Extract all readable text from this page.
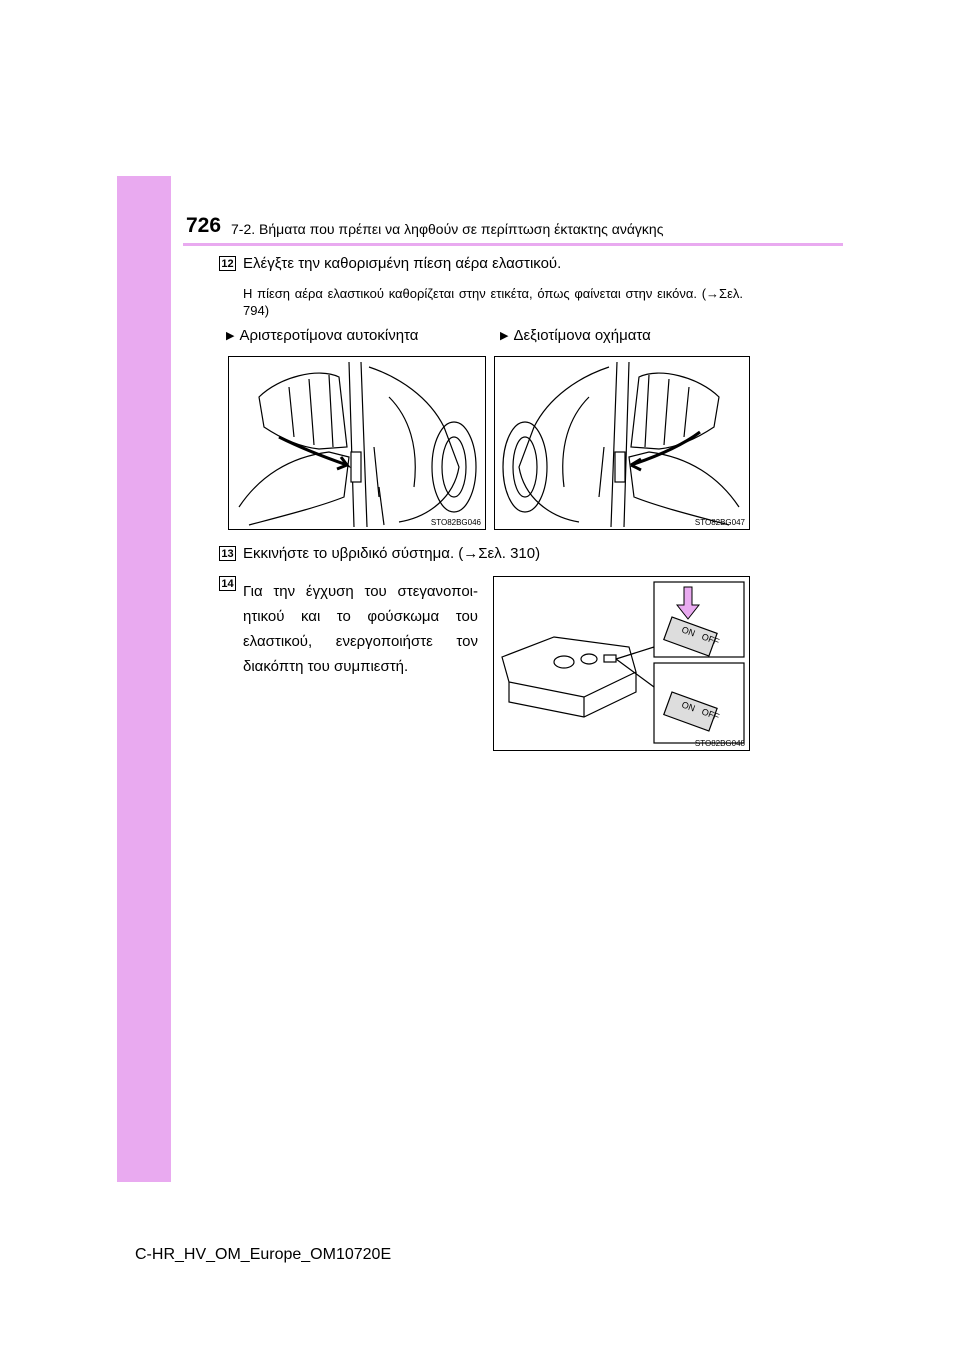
726 7-2. Βήματα που πρέπει να ληφθούν σε περίπτωση έκτακτης ανάγκης
12 Ελέγξτε την καθορισμένη πίεση αέρα ελαστικού.
Η πίεση αέρα ελαστικού καθορίζεται στην ετικέτα, όπως φαίνεται στην εικόνα. (→Σελ. 794)
▶ Αριστεροτίμονα αυτοκίνητα	▶ Δεξιοτίμονα οχήματα
STO82BG046	STO82BG047
13 Εκκινήστε το υβριδικό σύστημα. (→Σελ. 310)
14 Για την έγχυση του στεγανοποι-ητικού και το φούσκωμα του ελαστικού, ενεργοποιήστε τον διακόπτη του συμπιεστή.
ON OFF
ON OFF
STO82BG048
C-HR_HV_OM_Europe_OM10720E
